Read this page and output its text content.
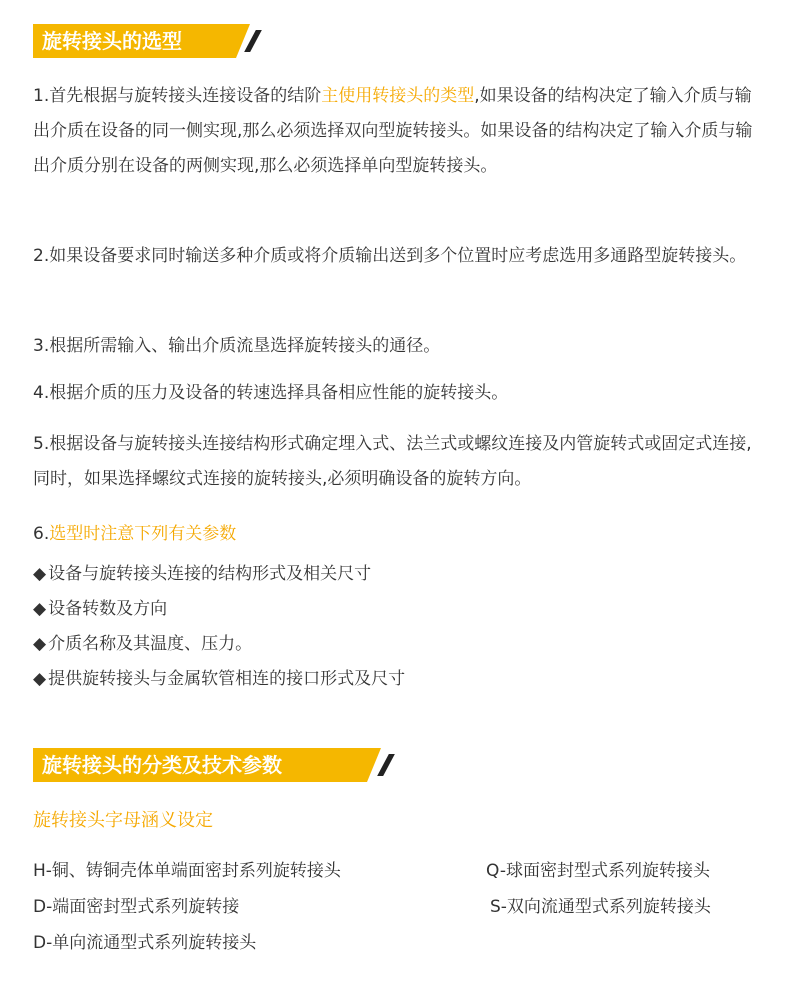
旋转接头的选型

1.首先根据与旋转接头连接设备的结阶主使用转接头的类型,如果设备的结构决定了输入介质与输出介质在设备的同一侧实现,那么必须选择双向型旋转接头。如果设备的结构决定了输入介质与输出介质分别在设备的两侧实现,那么必须选择单向型旋转接头。

2.如果设备要求同时输送多种介质或将介质输出送到多个位置时应考虑选用多通路型旋转接头。

3.根据所需输入、输出介质流垦选择旋转接头的通径。

4.根据介质的压力及设备的转速选择具备相应性能的旋转接头。

5.根据设备与旋转接头连接结构形式确定埋入式、法兰式或螺纹连接及内管旋转式或固定式连接,同时，如果选择螺纹式连接的旋转接头,必须明确设备的旋转方向。

6.选型时注意下列有关参数
◆ 设备与旋转接头连接的结构形式及相关尺寸
◆ 设备转数及方向
◆ 介质名称及其温度、压力。
◆ 提供旋转接头与金属软管相连的接口形式及尺寸
旋转接头的分类及技术参数
旋转接头字母涵义设定
H-铜、铸铜壳体单端面密封系列旋转接头	Q-球面密封型式系列旋转接头
D-端面密封型式系列旋转接	S-双向流通型式系列旋转接头
D-单向流通型式系列旋转接头
